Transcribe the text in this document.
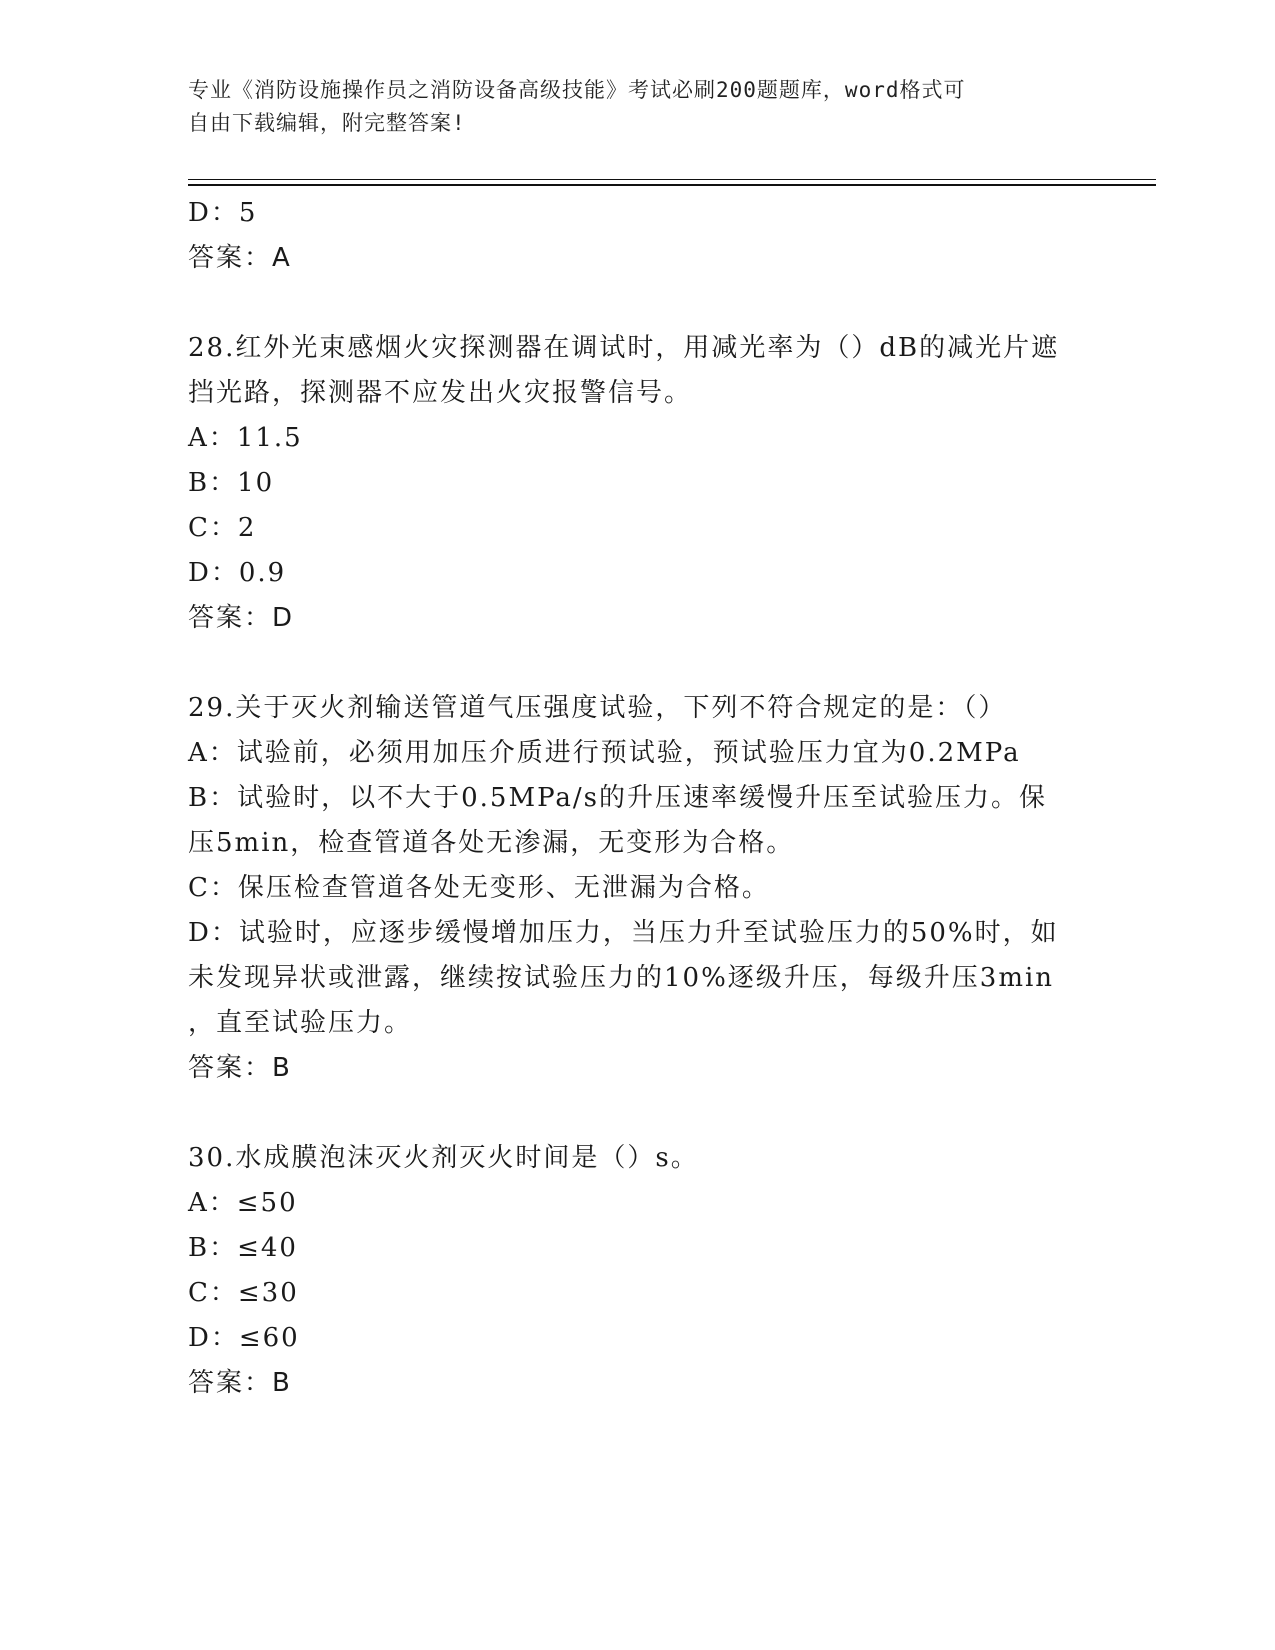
专业《消防设施操作员之消防设备高级技能》考试必刷200题题库，word格式可
自由下载编辑，附完整答案!

D：5

答案：A

28.红外光束感烟火灾探测器在调试时，用减光率为（）dB的减光片遮

挡光路，探测器不应发出火灾报警信号。

A：11.5

B：10

C：2

D：0.9

答案：D

29.关于灭火剂输送管道气压强度试验，下列不符合规定的是：（）

A：试验前，必须用加压介质进行预试验，预试验压力宜为0.2MPa

B：试验时，以不大于0.5MPa/s的升压速率缓慢升压至试验压力。保

压5min，检查管道各处无渗漏，无变形为合格。

C：保压检查管道各处无变形、无泄漏为合格。

D：试验时，应逐步缓慢增加压力，当压力升至试验压力的50%时，如

未发现异状或泄露，继续按试验压力的10%逐级升压，每级升压3min

，直至试验压力。

答案：B

30.水成膜泡沫灭火剂灭火时间是（）s。

A：≤50

B：≤40

C：≤30

D：≤60

答案：B
